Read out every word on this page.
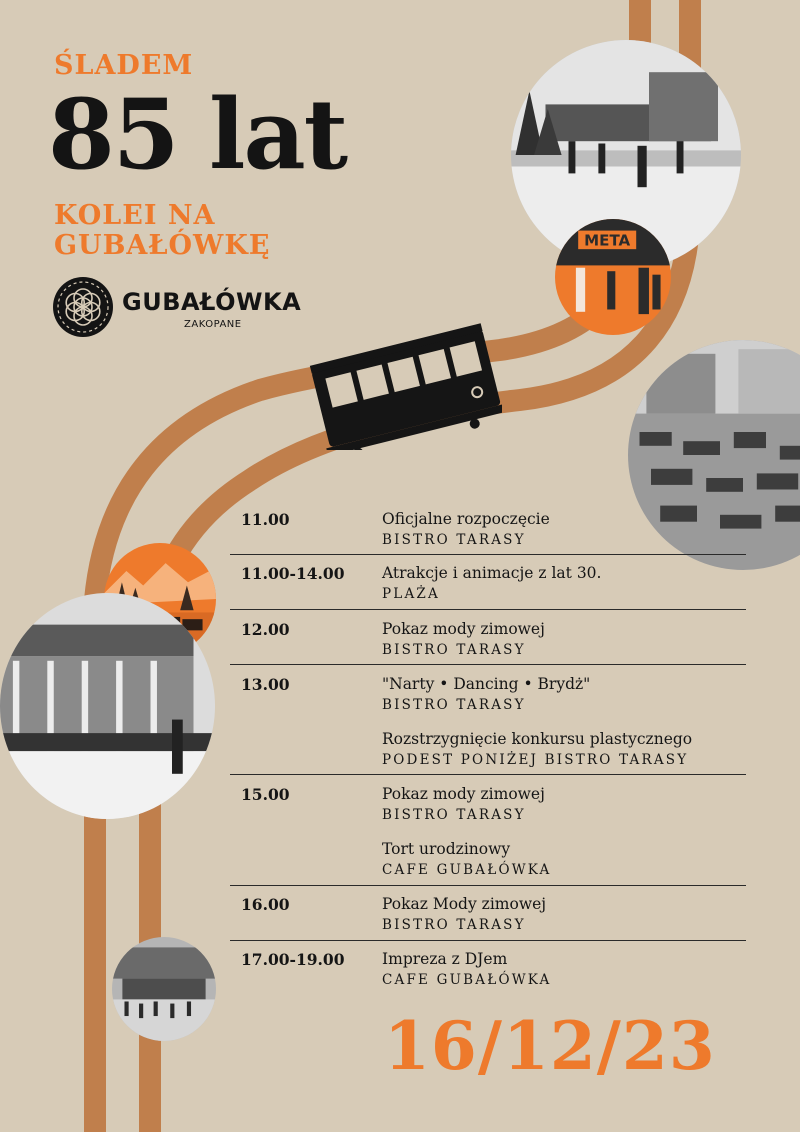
ŚLADEM
85 lat
KOLEI NA
GUBAŁÓWKĘ
GUBAŁÓWKA
ZAKOPANE
META
11.00	Oficjalne rozpoczęcie
BISTRO TARASY
11.00-14.00 Atrakcje i animacje z lat 30.
PLAŻA
12.00	Pokaz mody zimowej
BISTRO TARASY
13.00	"Narty • Dancing • Brydż"
BISTRO TARASY
Rozstrzygnięcie konkursu plastycznego
PODEST PONIŻEJ BISTRO TARASY
15.00	Pokaz mody zimowej
BISTRO TARASY
Tort urodzinowy
CAFE GUBAŁÓWKA
16.00	Pokaz Mody zimowej
BISTRO TARASY
17.00-19.00 Impreza z DJem
CAFE GUBAŁÓWKA
16/12/23
